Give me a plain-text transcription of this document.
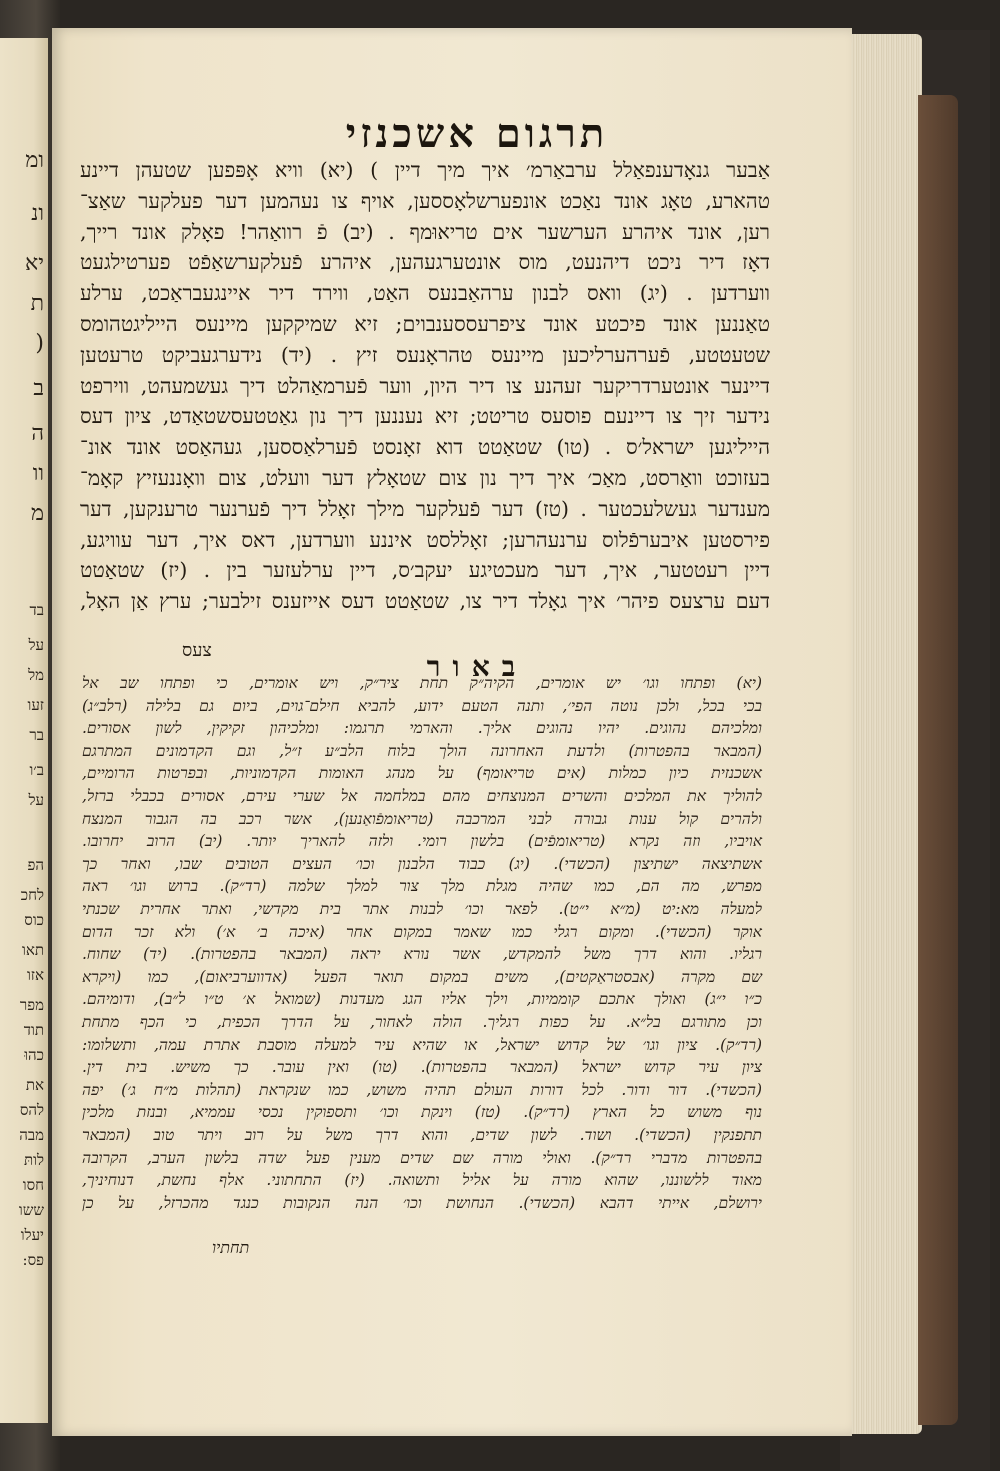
ומ
ונ
יא
ת
(
ב
ה
וו
מ
בד
על
מל
זעו
בר
ב׳ו
על
הפ
לחכ
כוס
תאו
אזו
מפר
תוד
כהוּ
את
להס
מבה
לותּ
חסו
ששו
יעלו
פס:
תרגום אשכנזי
אַבער גנאָדענפאַלל ערבאַרמ׳ איך מיך דיין ) (יא) וויא אָפּפען שטעהן דיינע
טהארע, טאָג אונד נאַכט אונפערשלאָססען, אויף צו נעהמען דער פעלקער שאַצ־
רען, אונד איהרע הערשער אים טריאוּמף . (יב) פֿ רוואַהר! פאָלק אונד רייך,
דאָז דיר ניכט דיהנעט, מוס אונטערגעהען, איהרע פֿעלקערשאַפֿט פערטילגעט
ווערדען . (יג) וואס לבנון ערהאַבנעס האַט, ווירד דיר איינגעבראַכט, ערלע
טאַננען אונד פיכטע אונד ציפרעססענבוים; זיא שמיקקען מיינעס הייליגטהומס
שטעטטע, פֿערהערליכען מיינעס טהראָנעס זיץ . (יד) נידערגעביקט טרעטען
דיינער אונטערדריקער זעהנע צו דיר היון, ווער פֿערמאַהלט דיך געשמעהט, ווירפט
נידער זיך צו דיינעם פוסעס טריטט; זיא נעננען דיך נון גאַטטעסשטאַדט, ציון דעס
הייליגען ישראל׳ס . (טו) שטאַטט דוא זאָנסט פֿערלאַססען, געהאַסט אונד אונ־
בעזוכט וואַרסט, מאַכ׳ איך דיך נון צום שטאָלץ דער וועלט, צום וואָננעזיץ קאָמ־
מענדער געשלעכטער . (טז) דער פֿעלקער מילך זאָלל דיך פֿערנער טרענקען, דער
פירסטען איבערפֿלוס ערנעהרען; זאָללסט איננע ווערדען, דאס איך, דער עוויגע,
דיין רעטטער, איך, דער מעכטיגע יעקב׳ס, דיין ערלעזער בין . (יז) שטאַטט
דעם ערצעס פיהר׳ איך גאָלד דיר צו, שטאַטט דעס אייזענס זילבער; ערץ אַן האָל,
צעס	באור
(יא) ופתחו וגו׳ יש אומרים, הקיה״ק תחת ציר״ק, ויש אומרים, כי ופתחו שב אל
בכי בכל, ולכן נוטה הפי׳, ותנה הטעם ידוע, להביא חילם־גוים, ביום גם בלילה (רלב״ג)
ומלכיהם נהוגים. יהיו נהוגים אליך. והארמי תרגמו: ומלכיהון זקיקין, לשון אסורים.
(המבאר בהפטרות) ולדעת האחרונה הולך בלוח הלב״ע ז״ל, וגם הקדמונים המתרגם
אשכנזית כיון כמלות (אים טריאומף) על מנהג האומות הקדמוניות, ובפרטות הרומיים,
להוליך את המלכים והשרים המנוצחים מהם במלחמה אל שערי עירם, אסורים בכבלי ברזל,
ולהרים קול ענות גבורה לבני המרכבה (טריאומפֿואַנען), אשר רכב בה הגבור המנצח
אויביו, וזה נקרא (טריאומפֿים) בלשון רומי. ולזה להאריך יותר. (יב) הרוב יחרובו.
אשתיצאה ישתיצון (הכשדי). (יג) כבוד הלבנון וכו׳ העצים הטובים שבו, ואחר כך
מפרש, מה הם, כמו שהיה מגלת מלך צור למלך שלמה (רד״ק). ברוש וגו׳ ראה
למעלה מא:יט (מ״א י״ט). לפאר וכו׳ לבנות אתר בית מקדשי, ואתר אחרית שכנתי
אוקר (הכשדי). ומקום רגלי כמו שאמר במקום אחר (איכה ב׳ א׳) ולא זכר הדום
רגליו. והוא דרך משל להמקדש, אשר נורא יראה (המבאר בהפטרות). (יד) שחוח.
שם מקרה (אבסטראַקטים), משים במקום תואר הפעל (אדווערביאום), כמו (ויקרא
כ״ו י״ג) ואולך אתכם קוממיות, וילך אליו הגג מעדנות (שמואל א׳ ט״ו ל״ב), ודומיהם.
וכן מתורגם בל״א. על כפות רגליך. הולה לאחור, על הדרך הכפית, כי הכף מתחת
(רד״ק). ציון וגו׳ של קדוש ישראל, או שהיא עיר למעלה מוסבת אתרת עמה, ותשלומו:
ציון עיר קדוש ישראל (המבאר בהפטרות). (טו) ואין עובר. כך משיש. בית דין.
(הכשדי). דור ודור. לכל דורות העולם תהיה משוש, כמו שנקראת (תהלות מ״ח ג׳) יפה
נוף משוש כל הארץ (רד״ק). (טז) וינקת וכו׳ ותספוקין נכסי עממיא, ובנזת מלכין
תתפנקין (הכשדי). ושוד. לשון שדים, והוא דרך משל על רוב ויתר טוב (המבאר
בהפטרות מדברי רד״ק). ואולי מורה שם שדים מענין פעל שדה בלשון הערב, הקרובה
מאוד ללשוננו, שהוא מורה על אליל ותשואה. (יז) התחתוני. אלף נחשת, דנוחיניך,
ירושלם, אייתי דהבא (הכשדי). הנחושת וכו׳ הנה הנקובות כנגד מהכרזל, על כן
תחתיו
